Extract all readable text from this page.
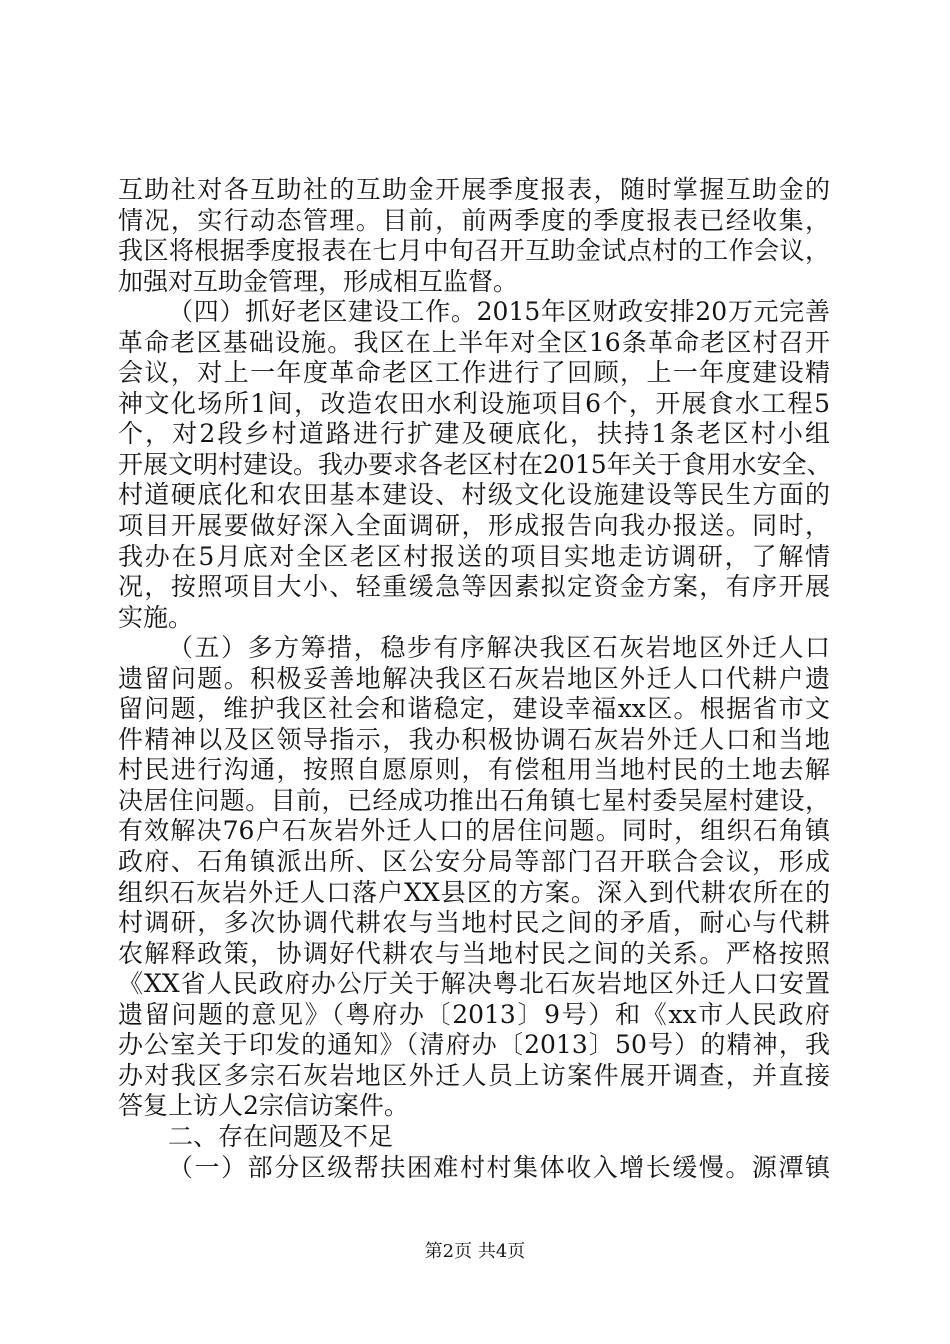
互助社对各互助社的互助金开展季度报表，随时掌握互助金的
情况，实行动态管理。目前，前两季度的季度报表已经收集，
我区将根据季度报表在七月中旬召开互助金试点村的工作会议，
加强对互助金管理，形成相互监督。
（四）抓好老区建设工作。2015年区财政安排20万元完善
革命老区基础设施。我区在上半年对全区16条革命老区村召开
会议，对上一年度革命老区工作进行了回顾，上一年度建设精
神文化场所1间，改造农田水利设施项目6个，开展食水工程5
个，对2段乡村道路进行扩建及硬底化，扶持1条老区村小组
开展文明村建设。我办要求各老区村在2015年关于食用水安全、
村道硬底化和农田基本建设、村级文化设施建设等民生方面的
项目开展要做好深入全面调研，形成报告向我办报送。同时，
我办在5月底对全区老区村报送的项目实地走访调研，了解情
况，按照项目大小、轻重缓急等因素拟定资金方案，有序开展
实施。
（五）多方筹措，稳步有序解决我区石灰岩地区外迁人口
遗留问题。积极妥善地解决我区石灰岩地区外迁人口代耕户遗
留问题，维护我区社会和谐稳定，建设幸福xx区。根据省市文
件精神以及区领导指示，我办积极协调石灰岩外迁人口和当地
村民进行沟通，按照自愿原则，有偿租用当地村民的土地去解
决居住问题。目前，已经成功推出石角镇七星村委吴屋村建设，
有效解决76户石灰岩外迁人口的居住问题。同时，组织石角镇
政府、石角镇派出所、区公安分局等部门召开联合会议，形成
组织石灰岩外迁人口落户XX县区的方案。深入到代耕农所在的
村调研，多次协调代耕农与当地村民之间的矛盾，耐心与代耕
农解释政策，协调好代耕农与当地村民之间的关系。严格按照
《XX省人民政府办公厅关于解决粤北石灰岩地区外迁人口安置
遗留问题的意见》（粤府办〔2013〕9号）和《xx市人民政府
办公室关于印发的通知》（清府办〔2013〕50号）的精神，我
办对我区多宗石灰岩地区外迁人员上访案件展开调查，并直接
答复上访人2宗信访案件。
二、存在问题及不足
（一）部分区级帮扶困难村村集体收入增长缓慢。源潭镇
第2页 共4页
